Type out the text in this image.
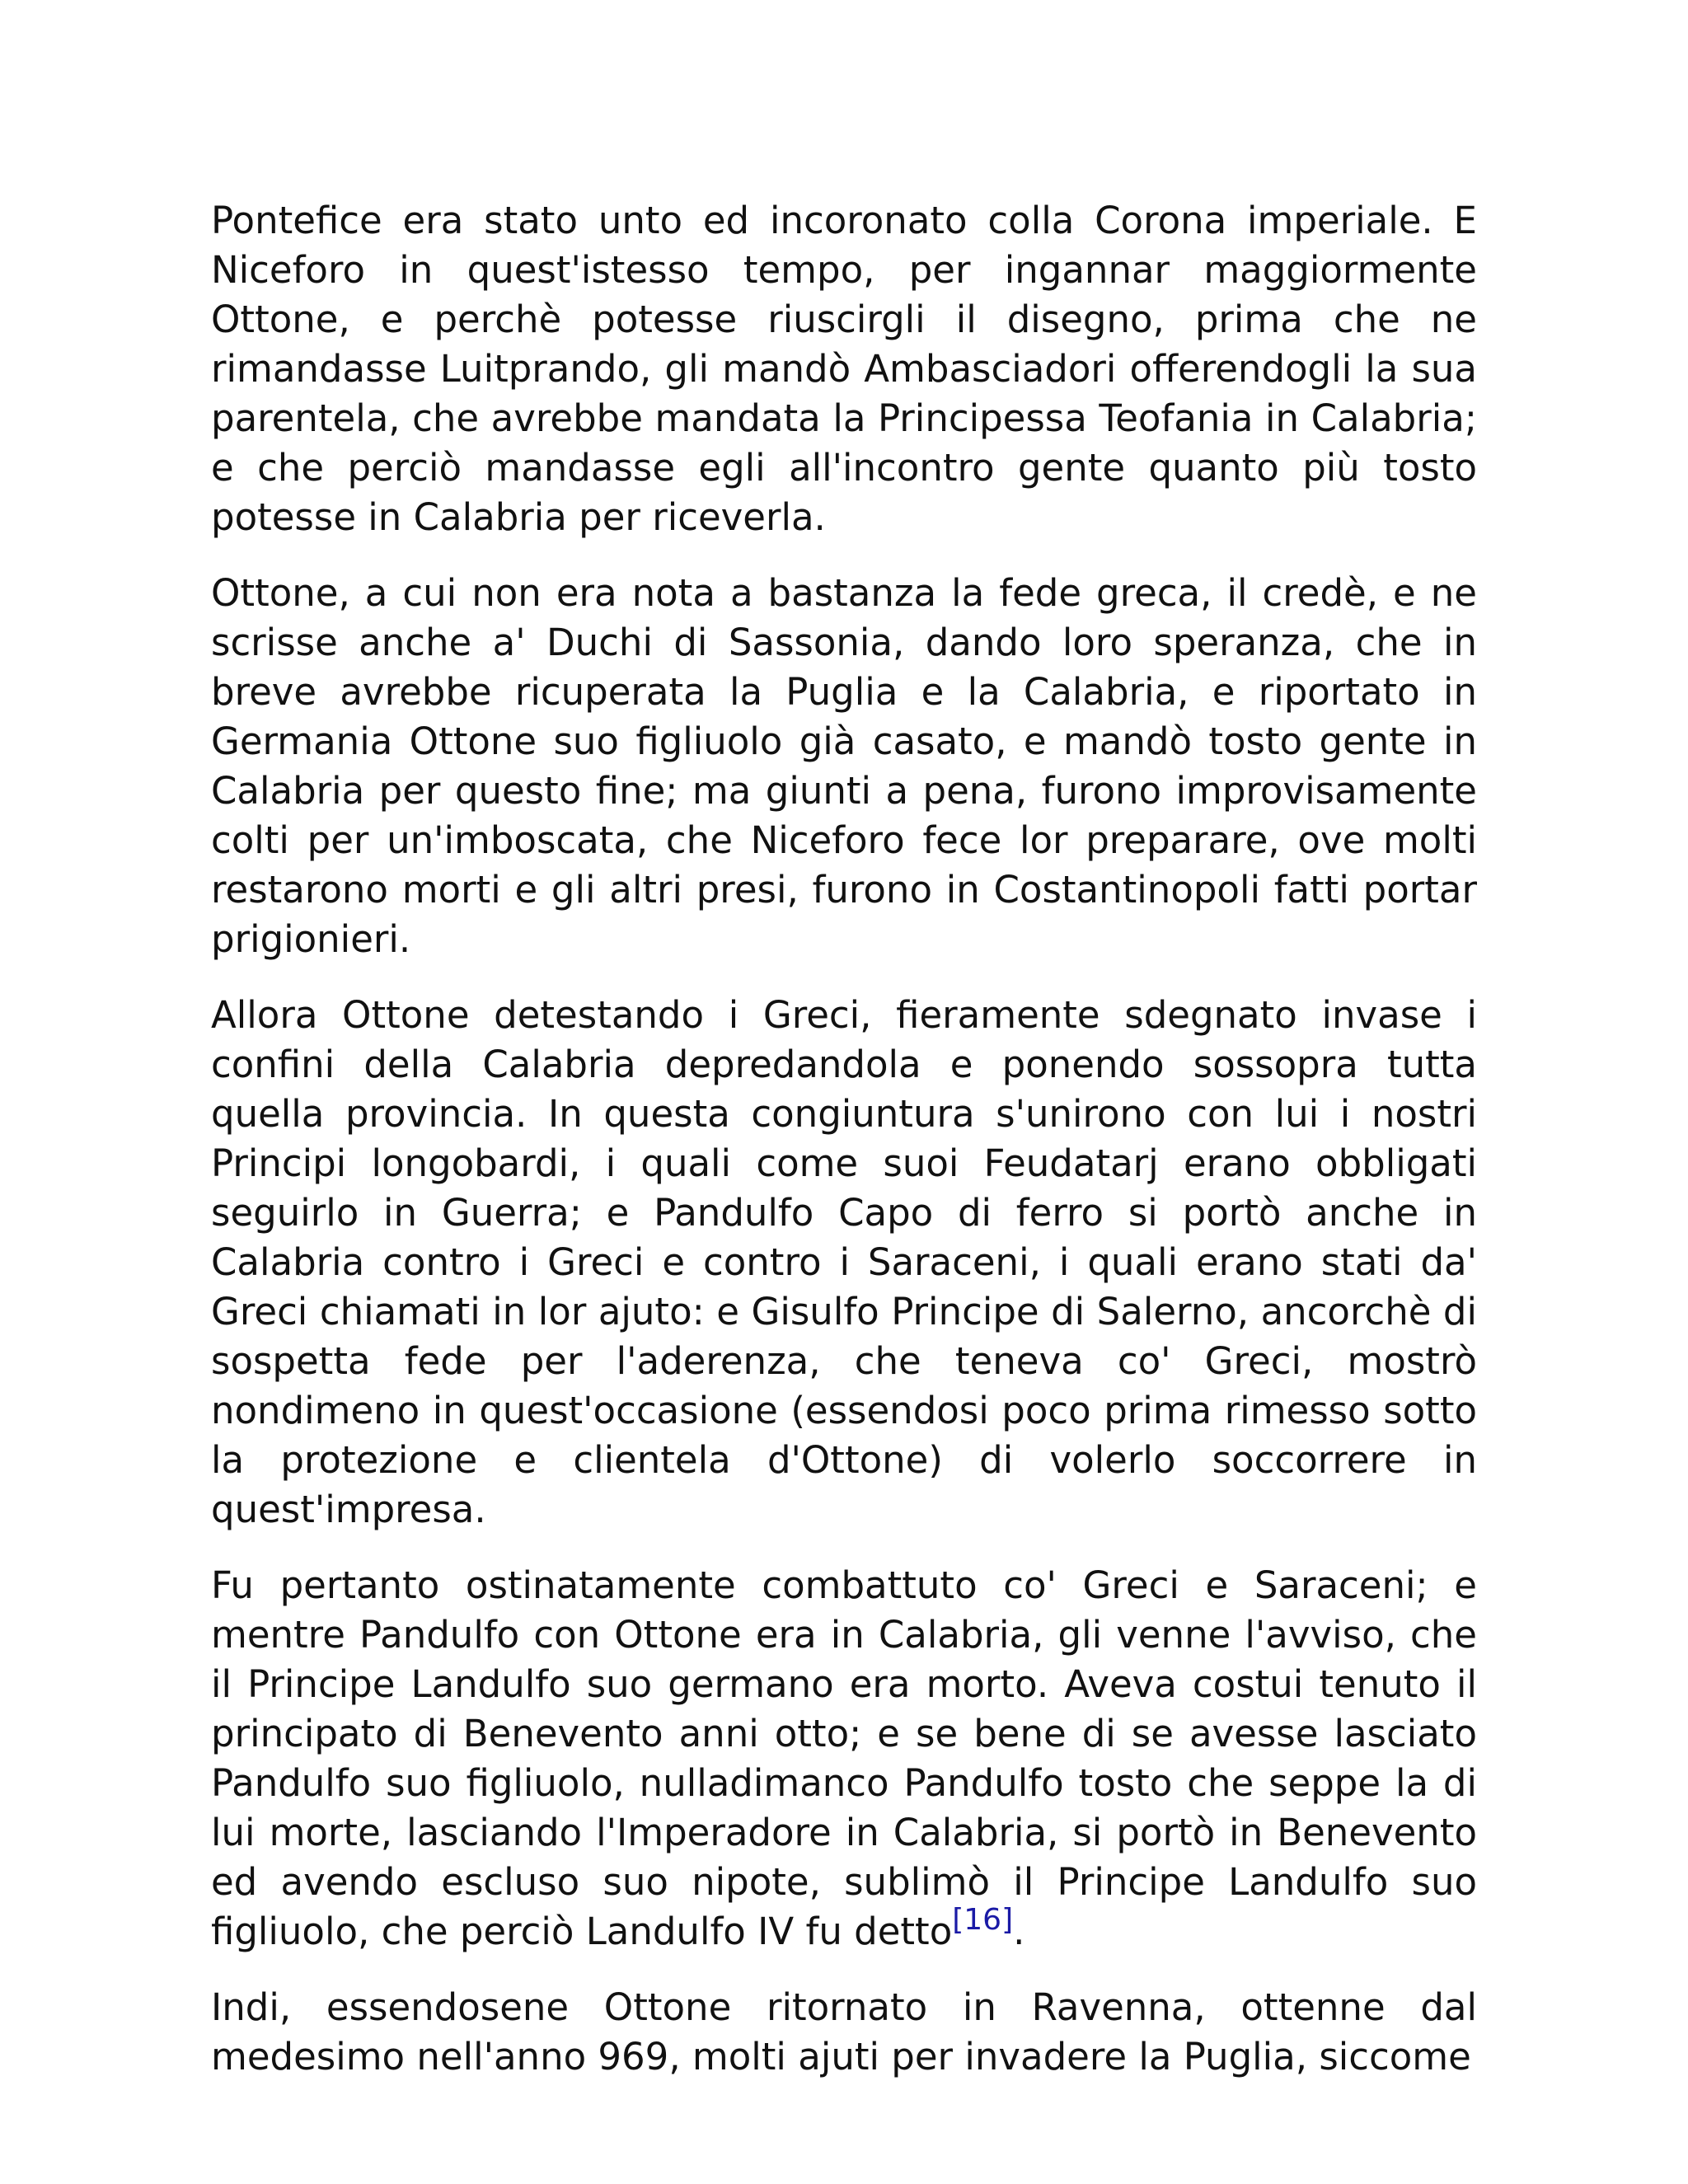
Pontefice era stato unto ed incoronato colla Corona imperiale. E Niceforo in quest'istesso tempo, per ingannar maggiormente Ottone, e perchè potesse riuscirgli il disegno, prima che ne rimandasse Luitprando, gli mandò Ambasciadori offerendogli la sua parentela, che avrebbe mandata la Principessa Teofania in Calabria; e che perciò mandasse egli all'incontro gente quanto più tosto potesse in Calabria per riceverla.

Ottone, a cui non era nota a bastanza la fede greca, il credè, e ne scrisse anche a' Duchi di Sassonia, dando loro speranza, che in breve avrebbe ricuperata la Puglia e la Calabria, e riportato in Germania Ottone suo figliuolo già casato, e mandò tosto gente in Calabria per questo fine; ma giunti a pena, furono improvisamente colti per un'imboscata, che Niceforo fece lor preparare, ove molti restarono morti e gli altri presi, furono in Costantinopoli fatti portar prigionieri.

Allora Ottone detestando i Greci, fieramente sdegnato invase i confini della Calabria depredandola e ponendo sossopra tutta quella provincia. In questa congiuntura s'unirono con lui i nostri Principi longobardi, i quali come suoi Feudatarj erano obbligati seguirlo in Guerra; e Pandulfo Capo di ferro si portò anche in Calabria contro i Greci e contro i Saraceni, i quali erano stati da' Greci chiamati in lor ajuto: e Gisulfo Principe di Salerno, ancorchè di sospetta fede per l'aderenza, che teneva co' Greci, mostrò nondimeno in quest'occasione (essendosi poco prima rimesso sotto la protezione e clientela d'Ottone) di volerlo soccorrere in quest'impresa.

Fu pertanto ostinatamente combattuto co' Greci e Saraceni; e mentre Pandulfo con Ottone era in Calabria, gli venne l'avviso, che il Principe Landulfo suo germano era morto. Aveva costui tenuto il principato di Benevento anni otto; e se bene di se avesse lasciato Pandulfo suo figliuolo, nulladimanco Pandulfo tosto che seppe la di lui morte, lasciando l'Imperadore in Calabria, si portò in Benevento ed avendo escluso suo nipote, sublimò il Principe Landulfo suo figliuolo, che perciò Landulfo IV fu detto[16].

Indi, essendosene Ottone ritornato in Ravenna, ottenne dal medesimo nell'anno 969, molti ajuti per invadere la Puglia, siccome
